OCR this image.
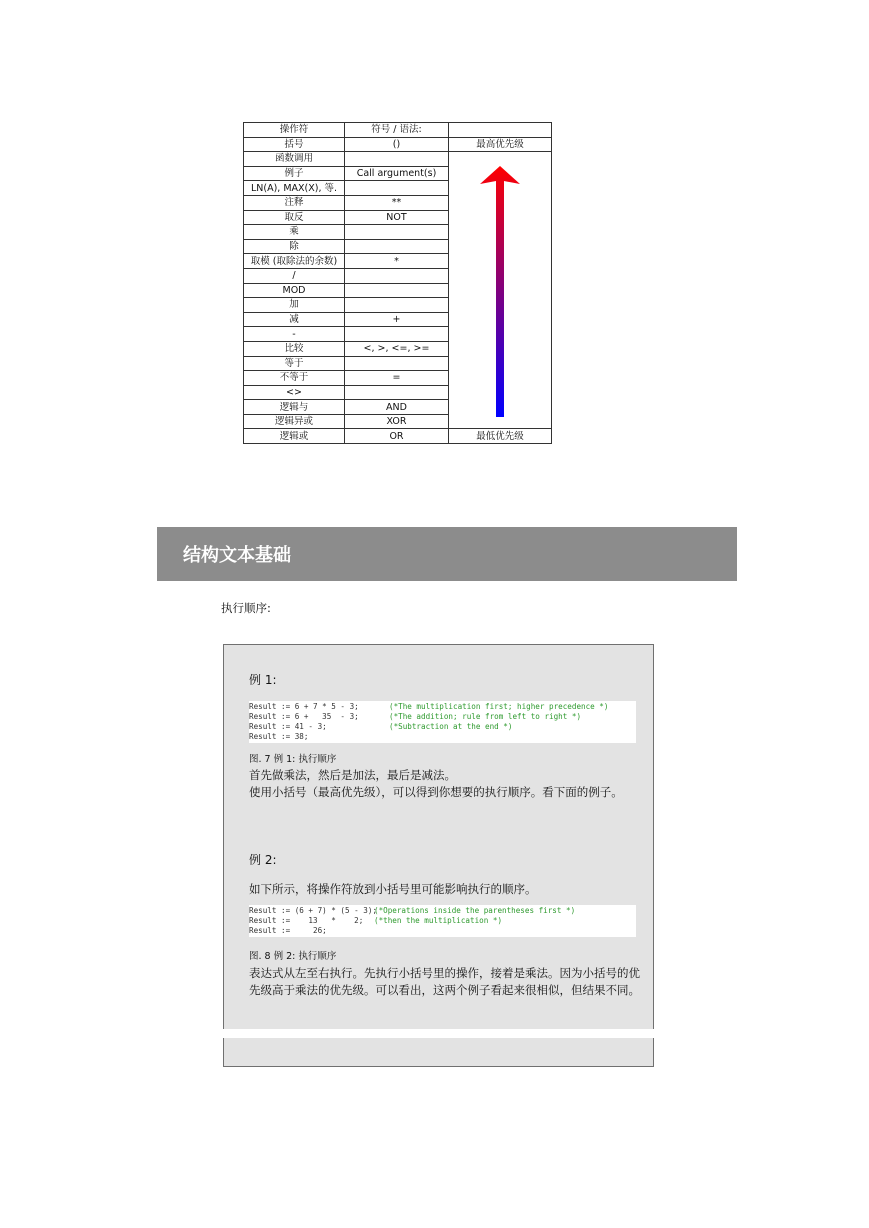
操作符	符号 / 语法:	
括号	()	最高优先级
函数调用		

例子	Call argument(s)	
LN(A), MAX(X), 等.		
注释	**	
取反	NOT	
乘		
除		
取模 (取除法的余数)	*	
/		
MOD		
加		
减	+	
-		
比较	<, >, <=, >=	
等于		
不等于	=	
<>		
逻辑与	AND	
逻辑异或	XOR	
逻辑或	OR	最低优先级
结构文本基础
执行顺序:
例 1:
Result := 6 + 7 * 5 - 3;	(*The multiplication first; higher precedence *)
Result := 6 +   35  - 3;	(*The addition; rule from left to right *)
Result := 41 - 3;	(*Subtraction at the end *)
Result := 38;
图. 7 例 1: 执行顺序
首先做乘法，然后是加法，最后是减法。
使用小括号（最高优先级），可以得到你想要的执行顺序。看下面的例子。
例 2:
如下所示，将操作符放到小括号里可能影响执行的顺序。
Result := (6 + 7) * (5 - 3);
(*Operations inside the parentheses first *)
Result :=    13   *    2; (*then the multiplication *)
Result :=     26;
图. 8 例 2: 执行顺序
表达式从左至右执行。先执行小括号里的操作，接着是乘法。因为小括号的优先级高于乘法的优先级。可以看出，这两个例子看起来很相似，但结果不同。
